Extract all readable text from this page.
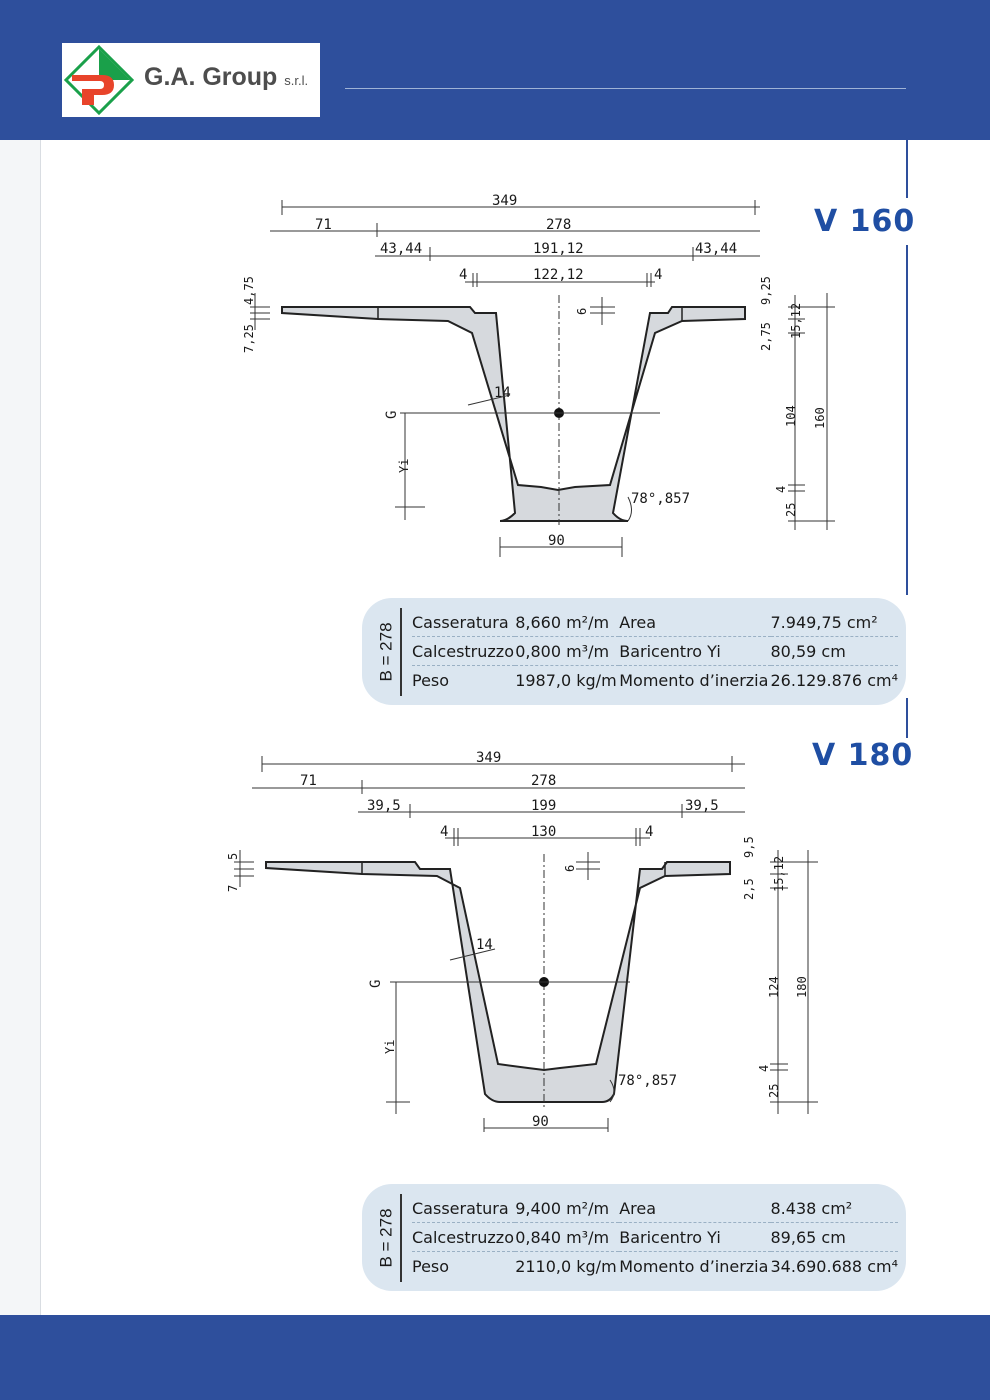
G.A. Group s.r.l.
V 160
349
71	278
43,44	191,12	43,44
4	122,12	4
G
Yi
6
14
78°,857
90
4,75
7,25
9,25
2,75 15,12
104 160
4
25
B = 278 Casseratura	8,660 m²/m	Area	7.949,75 cm²
Calcestruzzo	0,800 m³/m	Baricentro Yi	80,59 cm
Peso	1987,0 kg/m	Momento d’inerzia	26.129.876 cm⁴
V 180
349
71	278
39,5	199	39,5
4	130	4
G
Yi
6
14
78°,857
90
5
7
9,5
2,5 15,12
124 180
4
25
B = 278 Casseratura	9,400 m²/m	Area	8.438 cm²
Calcestruzzo	0,840 m³/m	Baricentro Yi	89,65 cm
Peso	2110,0 kg/m	Momento d’inerzia	34.690.688 cm⁴
